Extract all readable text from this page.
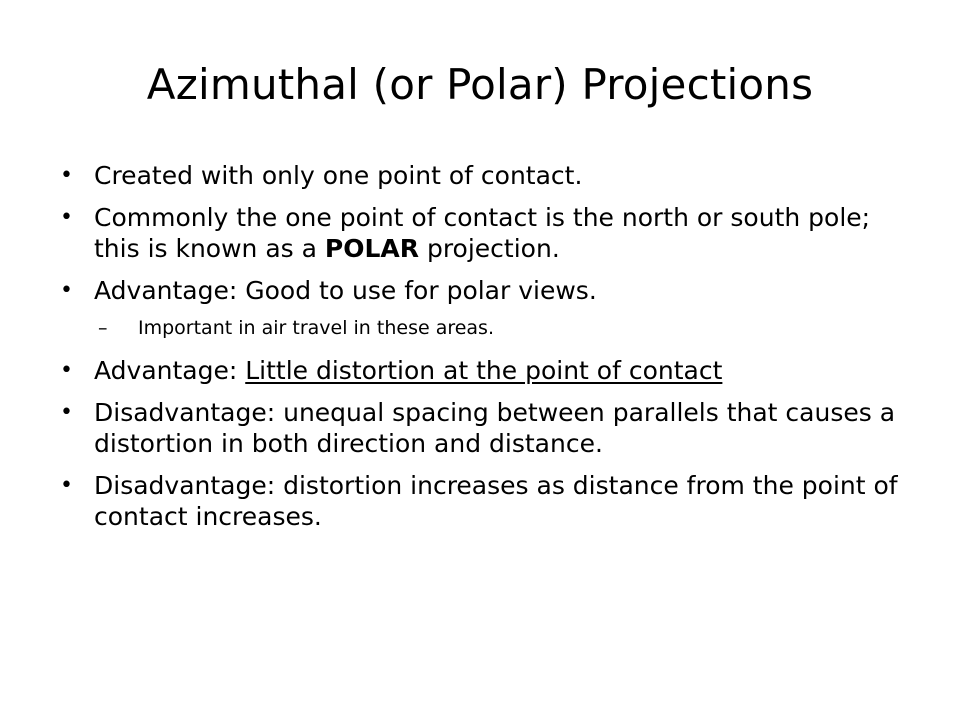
Azimuthal (or Polar) Projections
• Created with only one point of contact.
• Commonly the one point of contact is the north or south pole; this is known as a POLAR projection.
• Advantage: Good to use for polar views.
–	Important in air travel in these areas.
• Advantage: Little distortion at the point of contact
• Disadvantage: unequal spacing between parallels that causes a distortion in both direction and distance.
• Disadvantage: distortion increases as distance from the point of contact increases.
